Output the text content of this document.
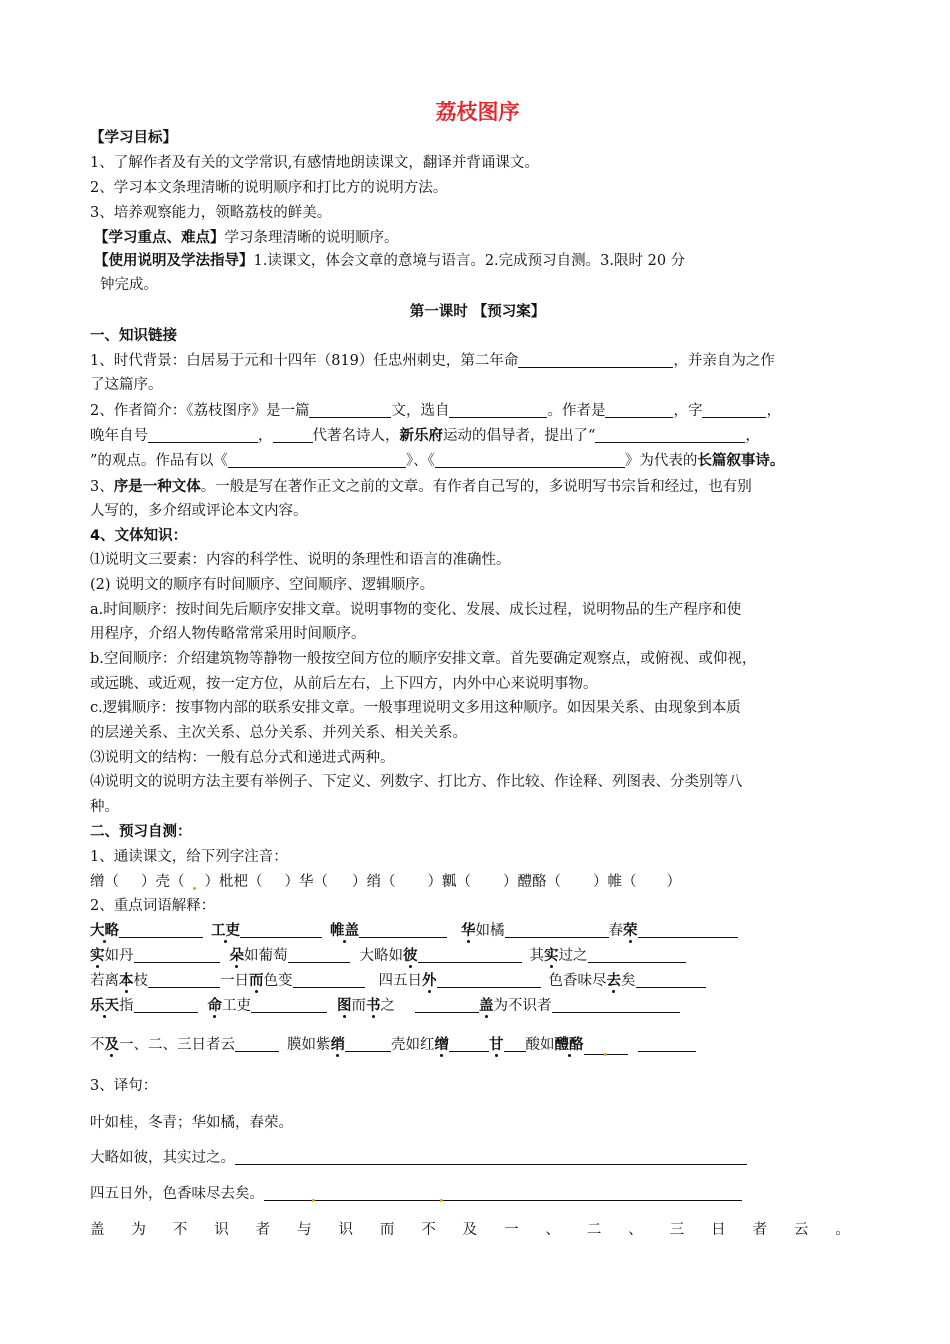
荔枝图序
【学习目标】
1、了解作者及有关的文学常识,有感情地朗读课文，翻译并背诵课文。
2、学习本文条理清晰的说明顺序和打比方的说明方法。
3、培养观察能力，领略荔枝的鲜美。
【学习重点、难点】学习条理清晰的说明顺序。
【使用说明及学法指导】1.读课文，体会文章的意境与语言。2.完成预习自测。3.限时 20 分
钟完成。
第一课时 【预习案】
一、知识链接
1、时代背景：白居易于元和十四年（819）任忠州刺史，第二年命	，并亲自为之作
了这篇序。
2、作者简介：《荔枝图序》是一篇	文，选自	。作者是	，字	，
晚年自号	，	代著名诗人，新乐府运动的倡导者，提出了“	，
”的观点。作品有以《	》、《	》为代表的长篇叙事诗。
3、序是一种文体。一般是写在著作正文之前的文章。有作者自己写的，多说明写书宗旨和经过，也有别
人写的，多介绍或评论本文内容。
4、文体知识：
⑴说明文三要素：内容的科学性、说明的条理性和语言的准确性。
(2) 说明文的顺序有时间顺序、空间顺序、逻辑顺序。
a.时间顺序：按时间先后顺序安排文章。说明事物的变化、发展、成长过程，说明物品的生产程序和使
用程序，介绍人物传略常常采用时间顺序。
b.空间顺序：介绍建筑物等静物一般按空间方位的顺序安排文章。首先要确定观察点，或俯视、或仰视，
或远眺、或近观，按一定方位，从前后左右，上下四方，内外中心来说明事物。
c.逻辑顺序：按事物内部的联系安排文章。一般事理说明文多用这种顺序。如因果关系、由现象到本质
的层递关系、主次关系、总分关系、并列关系、相关关系。
⑶说明文的结构：一般有总分式和递进式两种。
⑷说明文的说明方法主要有举例子、下定义、列数字、打比方、作比较、作诠释、列图表、分类别等八
种。
二、预习自测：
1、通读课文，给下列字注音：
缯（ ）壳（ ）枇杷（ ）华（ ）绡（ ）瓤（ ）醴酪（ ）帷（ ）
2、重点词语解释：
大略	工吏	帷盖	华如橘	春荣
实如丹	朵如葡萄	大略如彼	其实过之
若离本枝	一日而色变	四五日外	色香味尽去矣
乐天指	命工吏	图而书之	盖为不识者
不及一、二、三日者云	膜如紫绡	壳如红缯	甘 酸如醴酪
3、译句：
叶如桂，冬青；华如橘，春荣。
大略如彼，其实过之。
四五日外，色香味尽去矣。
盖 为 不 识 者 与 识 而 不 及 一 、 二 、 三 日 者 云 。
